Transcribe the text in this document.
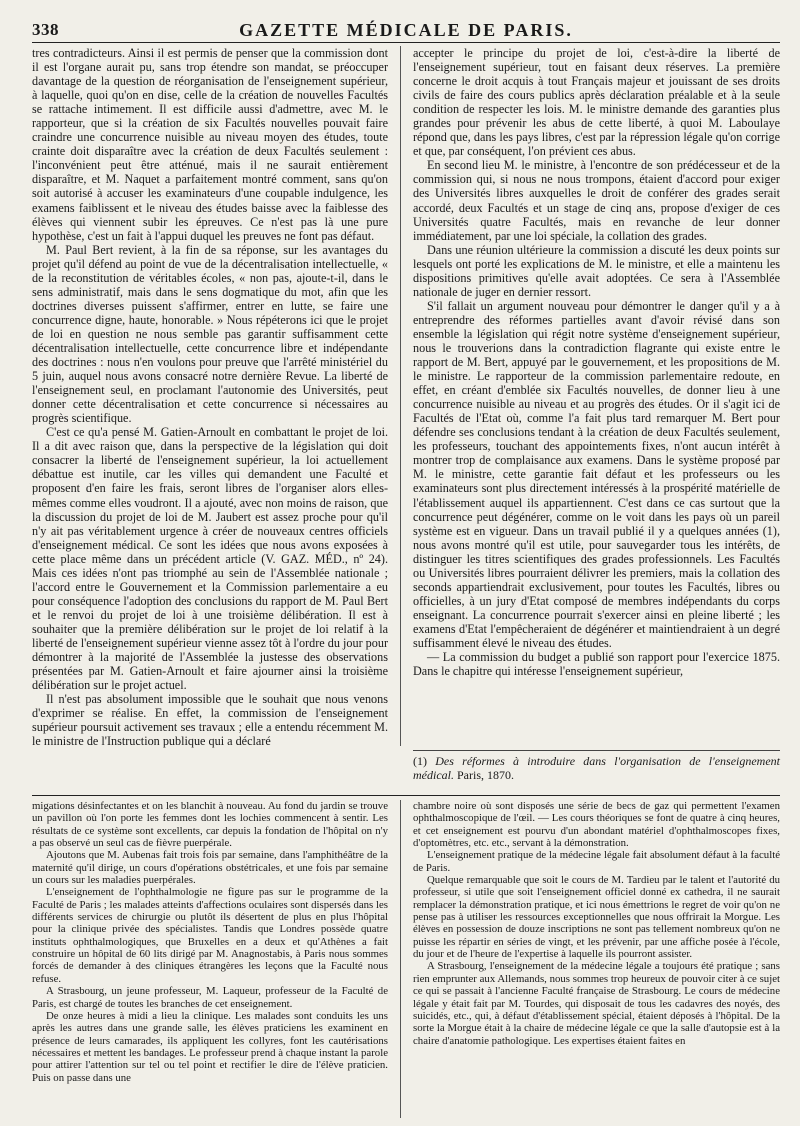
338	GAZETTE MÉDICALE DE PARIS.

tres contradicteurs. Ainsi il est permis de penser que la commission dont il est l'organe aurait pu, sans trop étendre son mandat, se préoccuper davantage de la question de réorganisation de l'enseignement supérieur, à laquelle, quoi qu'on en dise, celle de la création de nouvelles Facultés se rattache intimement. Il est difficile aussi d'admettre, avec M. le rapporteur, que si la création de six Facultés nouvelles pouvait faire craindre une concurrence nuisible au niveau moyen des études, toute crainte doit disparaître avec la création de deux Facultés seulement : l'inconvénient peut être atténué, mais il ne saurait entièrement disparaître, et M. Naquet a parfaitement montré comment, sans qu'on soit autorisé à accuser les examinateurs d'une coupable indulgence, les examens faiblissent et le niveau des études baisse avec la faiblesse des élèves qui viennent subir les épreuves. Ce n'est pas là une pure hypothèse, c'est un fait à l'appui duquel les preuves ne font pas défaut.

M. Paul Bert revient, à la fin de sa réponse, sur les avantages du projet qu'il défend au point de vue de la décentralisation intellectuelle, « de la reconstitution de véritables écoles, « non pas, ajoute-t-il, dans le sens administratif, mais dans le sens dogmatique du mot, afin que les doctrines diverses puissent s'affirmer, entrer en lutte, se faire une concurrence digne, haute, honorable. » Nous répéterons ici que le projet de loi en question ne nous semble pas garantir suffisamment cette décentralisation intellectuelle, cette concurrence libre et indépendante des doctrines : nous n'en voulons pour preuve que l'arrêté ministériel du 5 juin, auquel nous avons consacré notre dernière Revue. La liberté de l'enseignement seul, en proclamant l'autonomie des Universités, peut donner cette décentralisation et cette concurrence si nécessaires au progrès scientifique.

C'est ce qu'a pensé M. Gatien-Arnoult en combattant le projet de loi. Il a dit avec raison que, dans la perspective de la législation qui doit consacrer la liberté de l'enseignement supérieur, la loi actuellement débattue est inutile, car les villes qui demandent une Faculté et proposent d'en faire les frais, seront libres de l'organiser alors elles-mêmes comme elles voudront. Il a ajouté, avec non moins de raison, que la discussion du projet de loi de M. Jaubert est assez proche pour qu'il n'y ait pas véritablement urgence à créer de nouveaux centres officiels d'enseignement médical. Ce sont les idées que nous avons exposées à cette place même dans un précédent article (V. GAZ. MÉD., nº 24). Mais ces idées n'ont pas triomphé au sein de l'Assemblée nationale ; l'accord entre le Gouvernement et la Commission parlementaire a eu pour conséquence l'adoption des conclusions du rapport de M. Paul Bert et le renvoi du projet de loi à une troisième délibération. Il est à souhaiter que la première délibération sur le projet de loi relatif à la liberté de l'enseignement supérieur vienne assez tôt à l'ordre du jour pour démontrer à la majorité de l'Assemblée la justesse des observations présentées par M. Gatien-Arnoult et faire ajourner ainsi la troisième délibération sur le projet actuel.

Il n'est pas absolument impossible que le souhait que nous venons d'exprimer se réalise. En effet, la commission de l'enseignement supérieur poursuit activement ses travaux ; elle a entendu récemment M. le ministre de l'Instruction publique qui a déclaré

accepter le principe du projet de loi, c'est-à-dire la liberté de l'enseignement supérieur, tout en faisant deux réserves. La première concerne le droit acquis à tout Français majeur et jouissant de ses droits civils de faire des cours publics après déclaration préalable et à la seule condition de respecter les lois. M. le ministre demande des garanties plus grandes pour prévenir les abus de cette liberté, à quoi M. Laboulaye répond que, dans les pays libres, c'est par la répression légale qu'on corrige et que, par conséquent, l'on prévient ces abus.

En second lieu M. le ministre, à l'encontre de son prédécesseur et de la commission qui, si nous ne nous trompons, étaient d'accord pour exiger des Universités libres auxquelles le droit de conférer des grades serait accordé, deux Facultés et un stage de cinq ans, propose d'exiger de ces Universités quatre Facultés, mais en revanche de leur donner immédiatement, par une loi spéciale, la collation des grades.

Dans une réunion ultérieure la commission a discuté les deux points sur lesquels ont porté les explications de M. le ministre, et elle a maintenu les dispositions primitives qu'elle avait adoptées. Ce sera à l'Assemblée nationale de juger en dernier ressort.

S'il fallait un argument nouveau pour démontrer le danger qu'il y a à entreprendre des réformes partielles avant d'avoir révisé dans son ensemble la législation qui régit notre système d'enseignement supérieur, nous le trouverions dans la contradiction flagrante qui existe entre le rapport de M. Bert, appuyé par le gouvernement, et les propositions de M. le ministre. Le rapporteur de la commission parlementaire redoute, en effet, en créant d'emblée six Facultés nouvelles, de donner lieu à une concurrence nuisible au niveau et au progrès des études. Or il s'agit ici de Facultés de l'Etat où, comme l'a fait plus tard remarquer M. Bert pour défendre ses conclusions tendant à la création de deux Facultés seulement, les professeurs, touchant des appointements fixes, n'ont aucun intérêt à montrer trop de complaisance aux examens. Dans le système proposé par M. le ministre, cette garantie fait défaut et les professeurs ou les examinateurs sont plus directement intéressés à la prospérité matérielle de l'établissement auquel ils appartiennent. C'est dans ce cas surtout que la concurrence peut dégénérer, comme on le voit dans les pays où un pareil système est en vigueur. Dans un travail publié il y a quelques années (1), nous avons montré qu'il est utile, pour sauvegarder tous les intérêts, de distinguer les titres scientifiques des grades professionnels. Les Facultés ou Universités libres pourraient délivrer les premiers, mais la collation des seconds appartiendrait exclusivement, pour toutes les Facultés, libres ou officielles, à un jury d'Etat composé de membres indépendants du corps enseignant. La concurrence pourrait s'exercer ainsi en pleine liberté ; les examens d'Etat l'empêcheraient de dégénérer et maintiendraient à un degré suffisamment élevé le niveau des études.

— La commission du budget a publié son rapport pour l'exercice 1875. Dans le chapitre qui intéresse l'enseignement supérieur,

(1) Des réformes à introduire dans l'organisation de l'enseignement médical. Paris, 1870.

migations désinfectantes et on les blanchit à nouveau. Au fond du jardin se trouve un pavillon où l'on porte les femmes dont les lochies commencent à sentir. Les résultats de ce système sont excellents, car depuis la fondation de l'hôpital on n'y a pas observé un seul cas de fièvre puerpérale.

Ajoutons que M. Aubenas fait trois fois par semaine, dans l'amphithéâtre de la maternité qu'il dirige, un cours d'opérations obstétricales, et une fois par semaine un cours sur les maladies puerpérales.

L'enseignement de l'ophthalmologie ne figure pas sur le programme de la Faculté de Paris ; les malades atteints d'affections oculaires sont dispersés dans les différents services de chirurgie ou plutôt ils désertent de plus en plus l'hôpital pour la clinique privée des spécialistes. Tandis que Londres possède quatre instituts ophthalmologiques, que Bruxelles en a deux et qu'Athènes a fait construire un hôpital de 60 lits dirigé par M. Anagnostabis, à Paris nous sommes forcés de demander à des cliniques étrangères les leçons que la Faculté nous refuse.

A Strasbourg, un jeune professeur, M. Laqueur, professeur de la Faculté de Paris, est chargé de toutes les branches de cet enseignement.

De onze heures à midi a lieu la clinique. Les malades sont conduits les uns après les autres dans une grande salle, les élèves praticiens les examinent en présence de leurs camarades, ils appliquent les collyres, font les cautérisations nécessaires et mettent les bandages. Le professeur prend à chaque instant la parole pour attirer l'attention sur tel ou tel point et rectifier le dire de l'élève praticien. Puis on passe dans une

chambre noire où sont disposés une série de becs de gaz qui permettent l'examen ophthalmoscopique de l'œil. — Les cours théoriques se font de quatre à cinq heures, et cet enseignement est pourvu d'un abondant matériel d'ophthalmoscopes fixes, d'optomètres, etc. etc., servant à la démonstration.

L'enseignement pratique de la médecine légale fait absolument défaut à la faculté de Paris.

Quelque remarquable que soit le cours de M. Tardieu par le talent et l'autorité du professeur, si utile que soit l'enseignement officiel donné ex cathedra, il ne saurait remplacer la démonstration pratique, et ici nous émettrions le regret de voir qu'on ne pense pas à utiliser les ressources exceptionnelles que nous offrirait la Morgue. Les élèves en possession de douze inscriptions ne sont pas tellement nombreux qu'on ne puisse les répartir en séries de vingt, et les prévenir, par une affiche posée à l'école, du jour et de l'heure de l'expertise à laquelle ils pourront assister.

A Strasbourg, l'enseignement de la médecine légale a toujours été pratique ; sans rien emprunter aux Allemands, nous sommes trop heureux de pouvoir citer à ce sujet ce qui se passait à l'ancienne Faculté française de Strasbourg. Le cours de médecine légale y était fait par M. Tourdes, qui disposait de tous les cadavres des noyés, des suicidés, etc., qui, à défaut d'établissement spécial, étaient déposés à l'hôpital. De la sorte la Morgue était à la chaire de médecine légale ce que la salle d'autopsie est à la chaire d'anatomie pathologique. Les expertises étaient faites en
